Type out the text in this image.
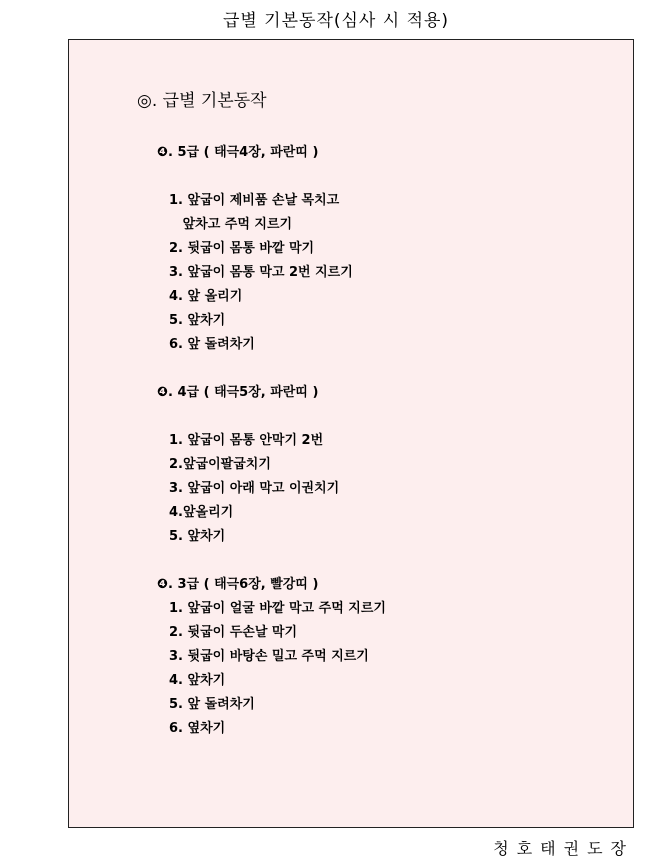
급별 기본동작(심사 시 적용)
◎. 급별 기본동작
❹. 5급 ( 태극4장, 파란띠 )
1. 앞굽이 제비품 손날 목치고
앞차고 주먹 지르기
2. 뒷굽이 몸통 바깥 막기
3. 앞굽이 몸통 막고 2번 지르기
4. 앞 올리기
5. 앞차기
6. 앞 돌려차기
❹. 4급 ( 태극5장, 파란띠 )
1. 앞굽이 몸통 안막기 2번
2.앞굽이팔굽치기
3. 앞굽이 아래 막고 이권치기
4.앞올리기
5. 앞차기
❹. 3급 ( 태극6장, 빨강띠 )
1. 앞굽이 얼굴 바깥 막고 주먹 지르기
2. 뒷굽이 두손날 막기
3. 뒷굽이 바탕손 밀고 주먹 지르기
4. 앞차기
5. 앞 돌려차기
6. 옆차기
청호태권도장
